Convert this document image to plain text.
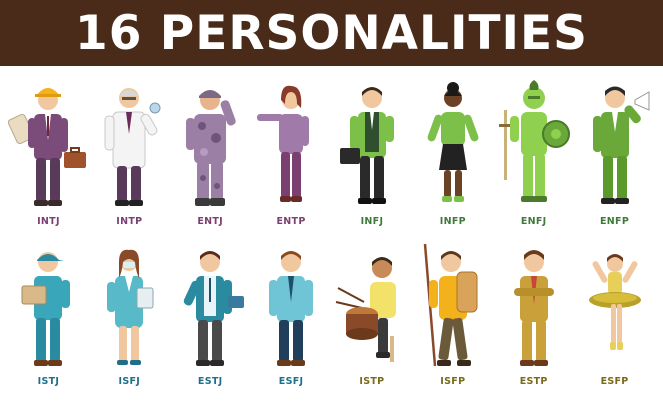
16 PERSONALITIES
INTJ	INTP	ENTJ	ENTP	INFJ	INFP	ENFJ	ENFP
ISTJ	ISFJ	ESTJ	ESFJ	ISTP	ISFP	ESTP	ESFP
